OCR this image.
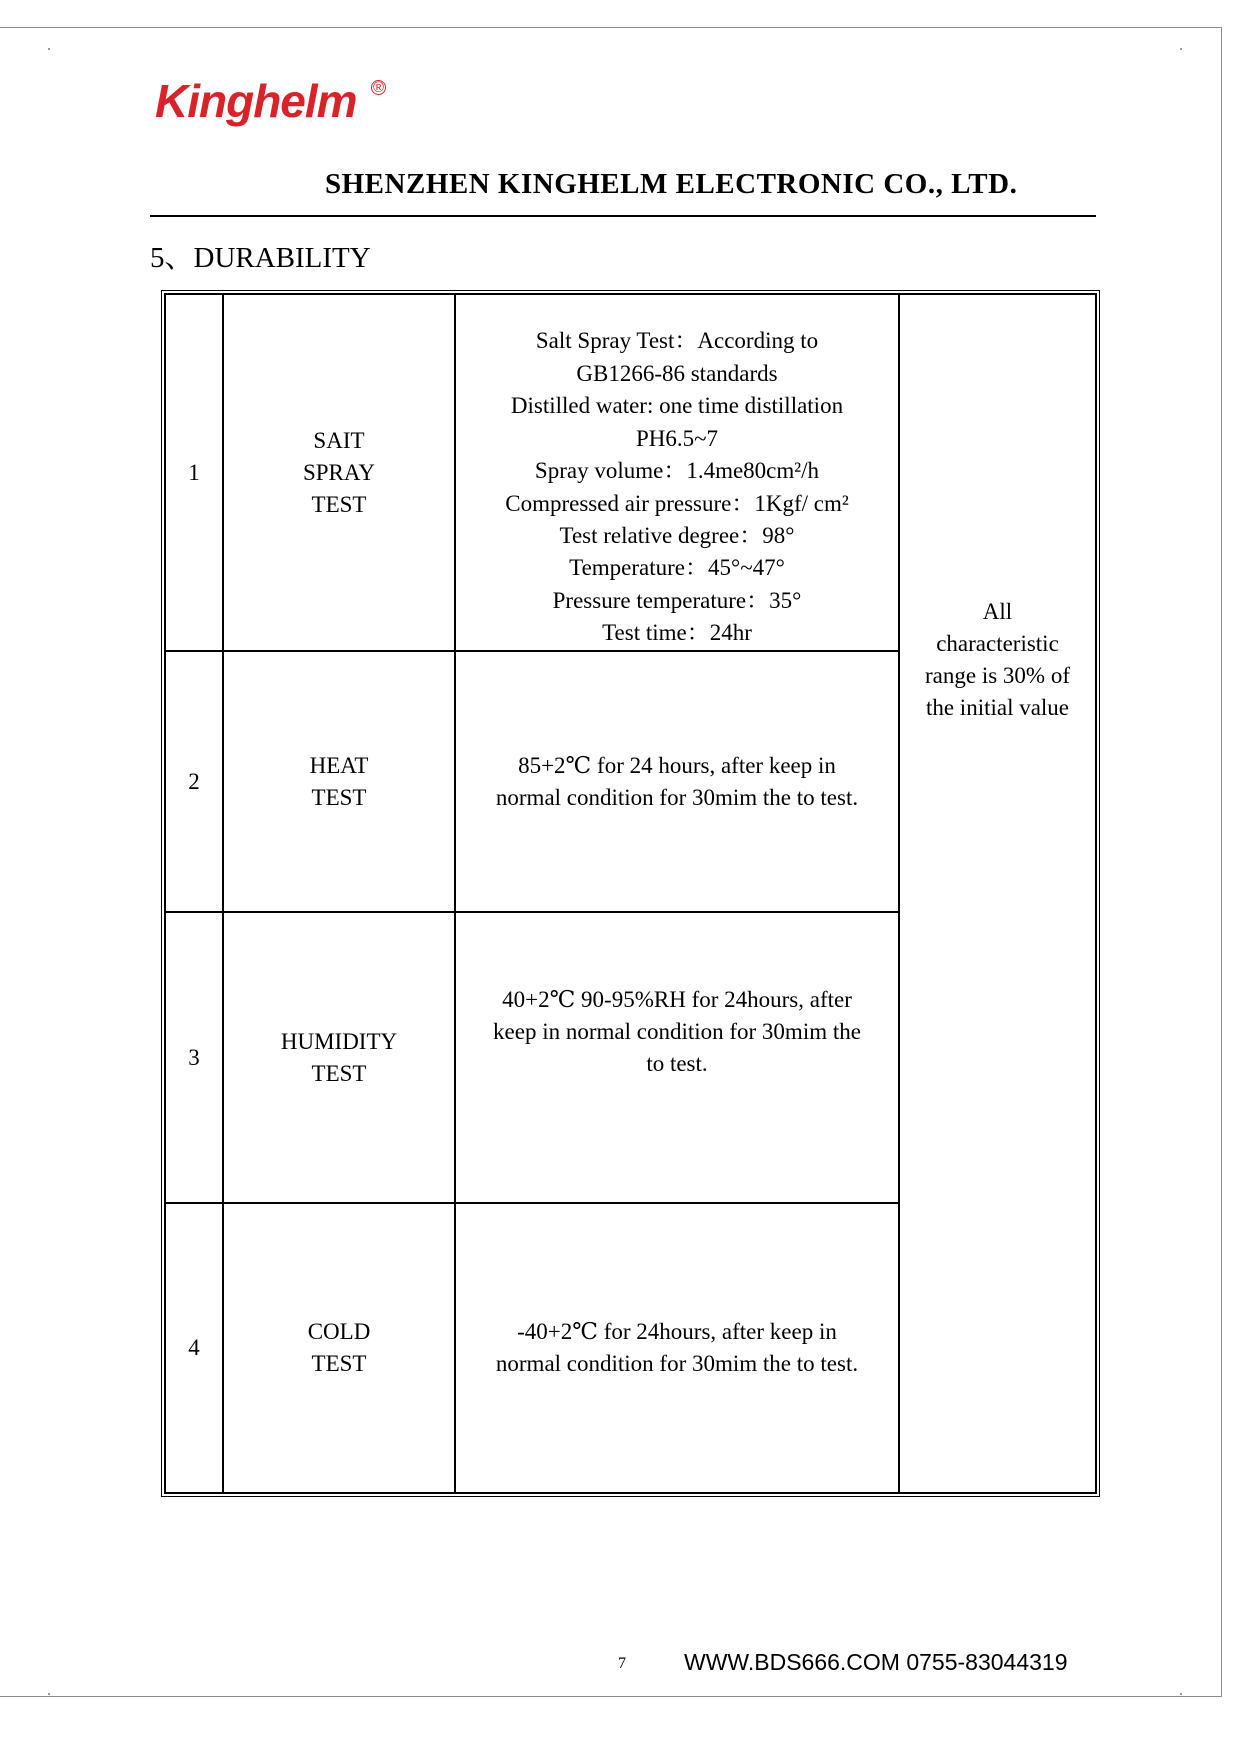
Kinghelm ®
SHENZHEN KINGHELM ELECTRONIC CO., LTD.
5、DURABILITY
1
SAIT
SPRAY
TEST
Salt Spray Test：According to
GB1266-86 standards
Distilled water: one time distillation
PH6.5~7
Spray volume：1.4me80cm²/h
Compressed air pressure：1Kgf/ cm²
Test relative degree：98°
Temperature：45°~47°
Pressure temperature：35°
Test time：24hr
2
HEAT
TEST
85+2℃ for 24 hours, after keep in
normal condition for 30mim the to test.
3
HUMIDITY
TEST
40+2℃ 90-95%RH for 24hours, after
keep in normal condition for 30mim the
to test.
4
COLD
TEST
-40+2℃ for 24hours, after keep in
normal condition for 30mim the to test.
All
characteristic
range is 30% of
the initial value
7	WWW.BDS666.COM 0755-83044319
